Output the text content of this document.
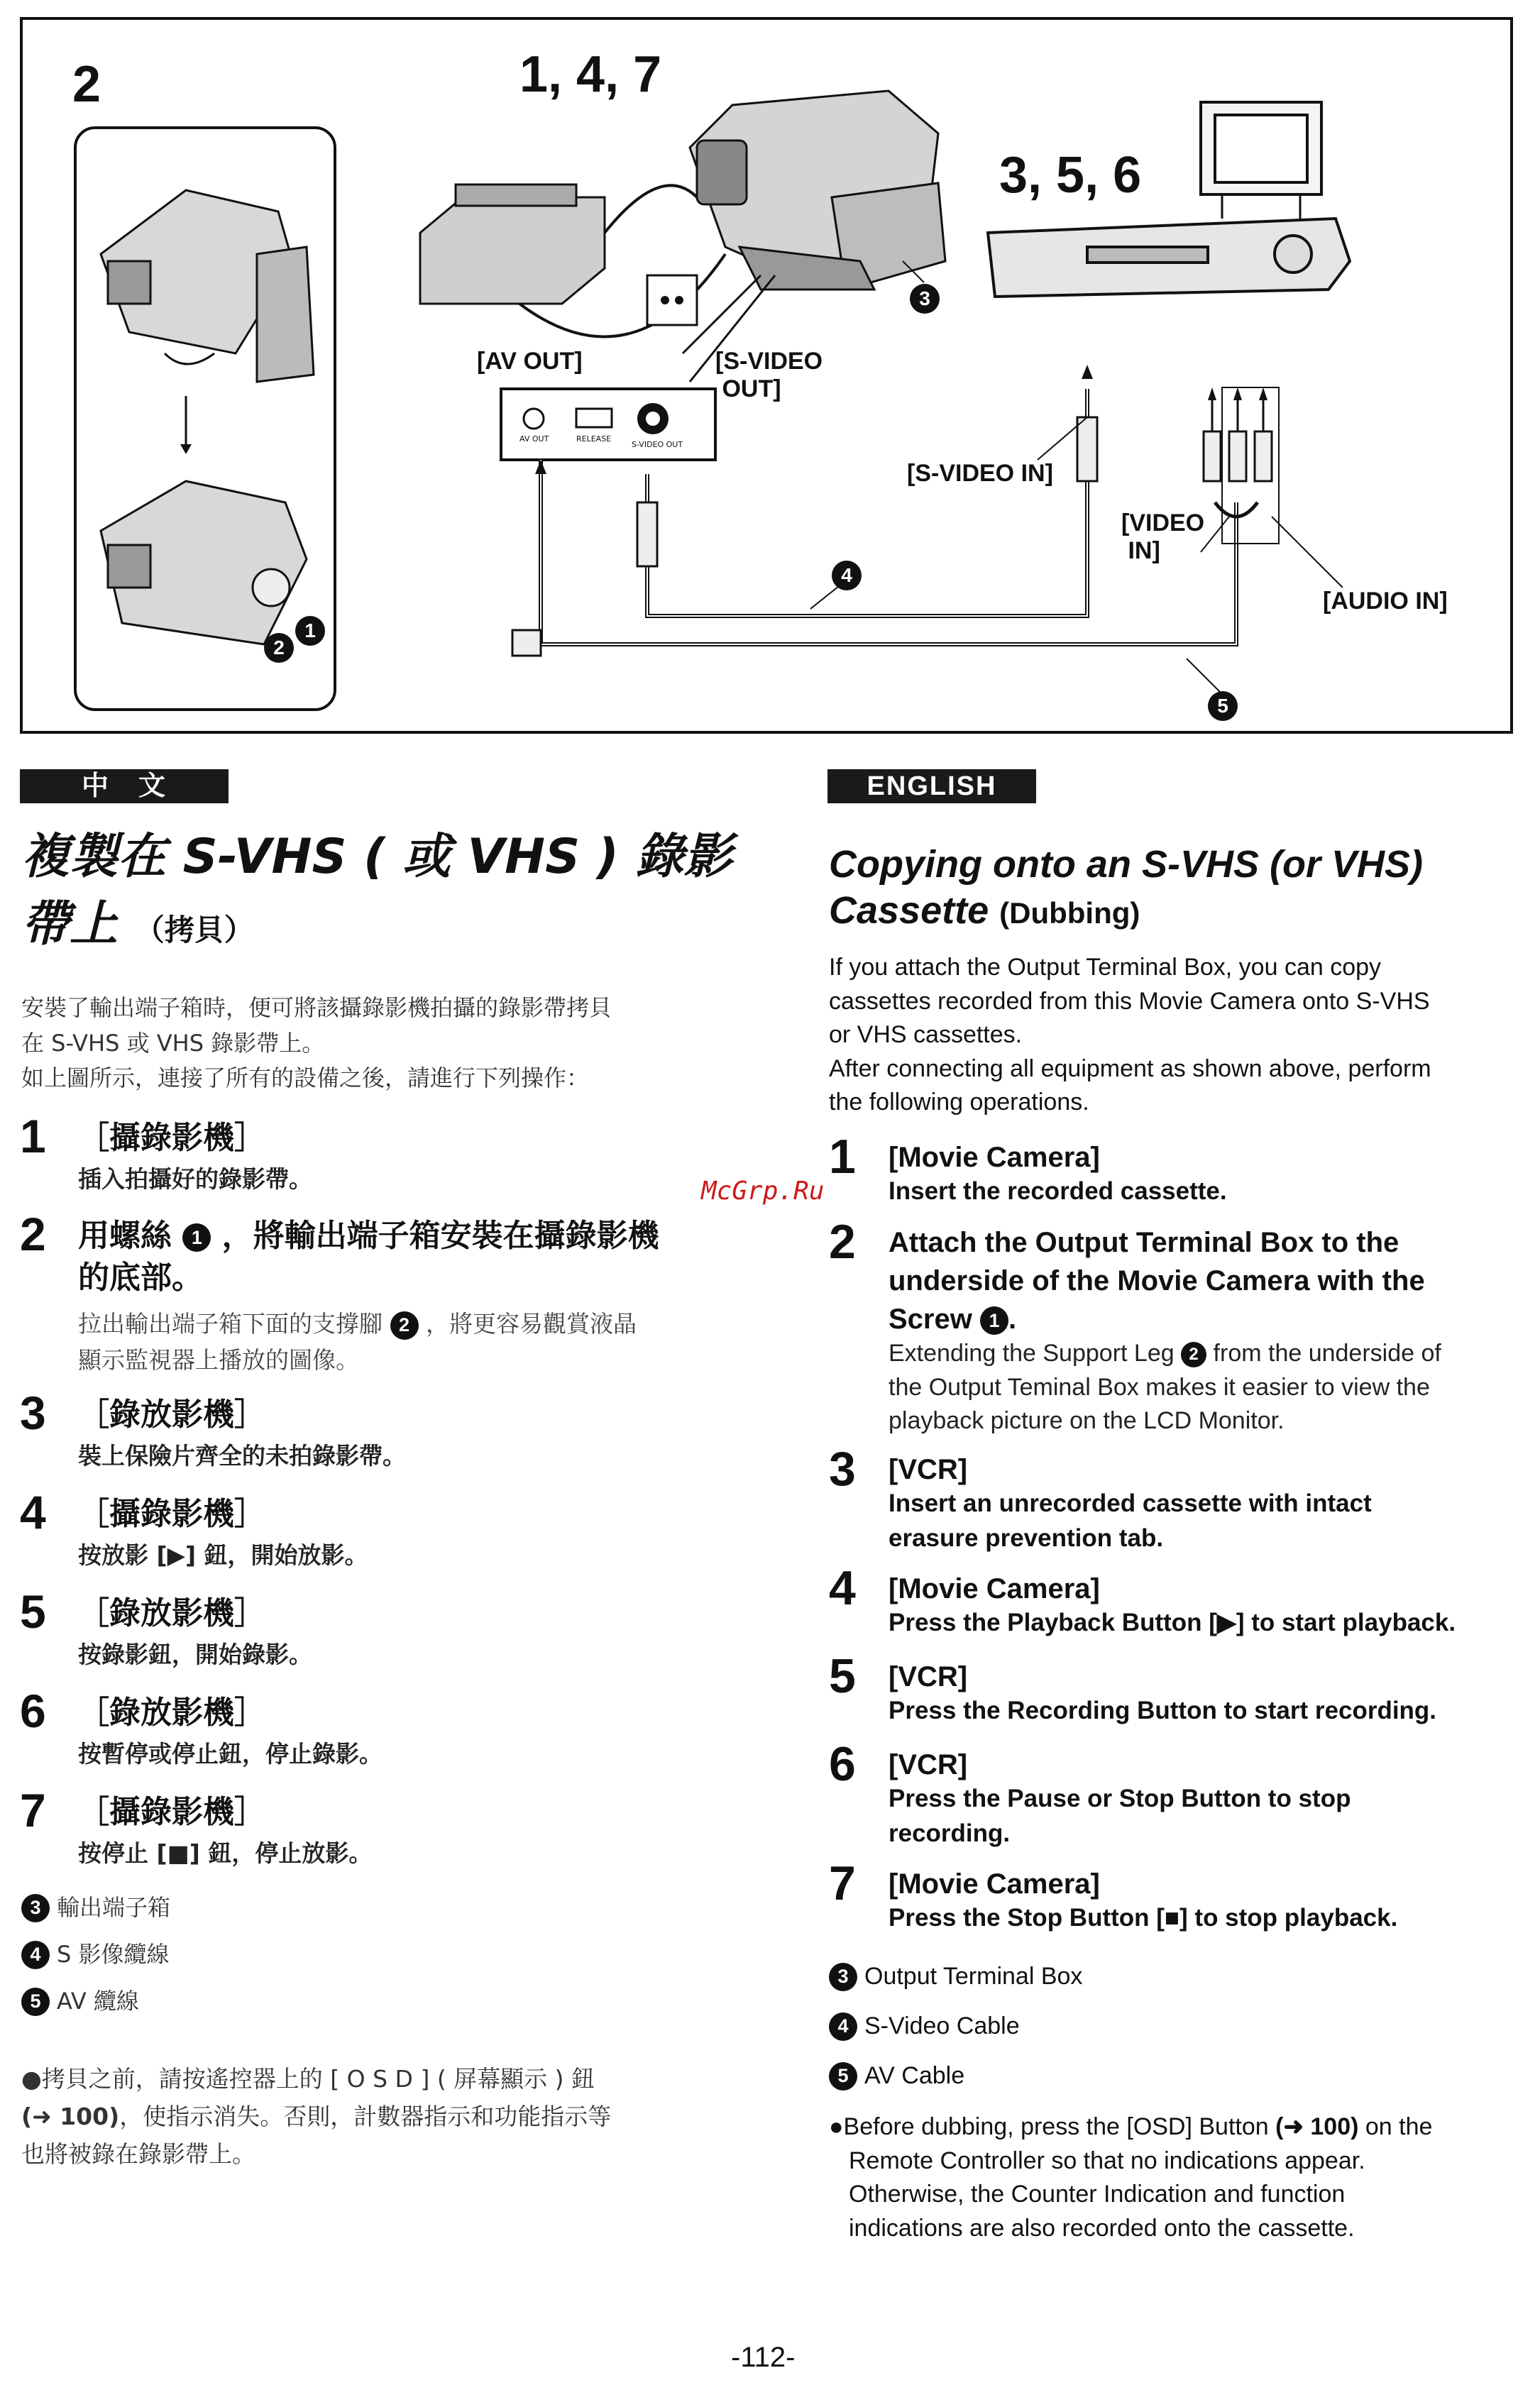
2	1, 4, 7
3, 5, 6
[AV OUT]	[S-VIDEO
OUT]
[S-VIDEO IN]
[VIDEO
IN]
[AUDIO IN]
AV OUT	RELEASE
S-VIDEO OUT
1
2
3
4
5
中　文
複製在 S-VHS ( 或 VHS ) 錄影
帶上 （拷貝）
安裝了輸出端子箱時，便可將該攝錄影機拍攝的錄影帶拷貝
在 S-VHS 或 VHS 錄影帶上。
如上圖所示，連接了所有的設備之後，請進行下列操作：
1 ［攝錄影機］
插入拍攝好的錄影帶。
2 用螺絲 1 ，將輸出端子箱安裝在攝錄影機
的底部。
拉出輸出端子箱下面的支撐腳 2 ，將更容易觀賞液晶
顯示監視器上播放的圖像。
3 ［錄放影機］
裝上保險片齊全的未拍錄影帶。
4 ［攝錄影機］
按放影 [▶] 鈕，開始放影。
5 ［錄放影機］
按錄影鈕，開始錄影。
6 ［錄放影機］
按暫停或停止鈕，停止錄影。
7 ［攝錄影機］
按停止 [■] 鈕，停止放影。
3 輸出端子箱
4 S 影像纜線
5 AV 纜線
●拷貝之前，請按遙控器上的 [ O S D ] ( 屏幕顯示 ) 鈕
(➜ 100)，使指示消失。否則，計數器指示和功能指示等
也將被錄在錄影帶上。
ENGLISH
Copying onto an S-VHS (or VHS)
Cassette (Dubbing)
If you attach the Output Terminal Box, you can copy
cassettes recorded from this Movie Camera onto S-VHS
or VHS cassettes.
After connecting all equipment as shown above, perform
the following operations.
1 [Movie Camera]
Insert the recorded cassette.
2 Attach the Output Terminal Box to the
underside of the Movie Camera with the
Screw 1 .
Extending the Support Leg 2 from the underside of
the Output Teminal Box makes it easier to view the
playback picture on the LCD Monitor.
3 [VCR]
Insert an unrecorded cassette with intact
erasure prevention tab.
4 [Movie Camera]
Press the Playback Button [▶] to start playback.
5 [VCR]
Press the Recording Button to start recording.
6 [VCR]
Press the Pause or Stop Button to stop
recording.
7 [Movie Camera]
Press the Stop Button [■] to stop playback.
3 Output Terminal Box
4 S-Video Cable
5 AV Cable
●Before dubbing, press the [OSD] Button (➜ 100) on the
Remote Controller so that no indications appear.
Otherwise, the Counter Indication and function
indications are also recorded onto the cassette.
McGrp.Ru
-112-
